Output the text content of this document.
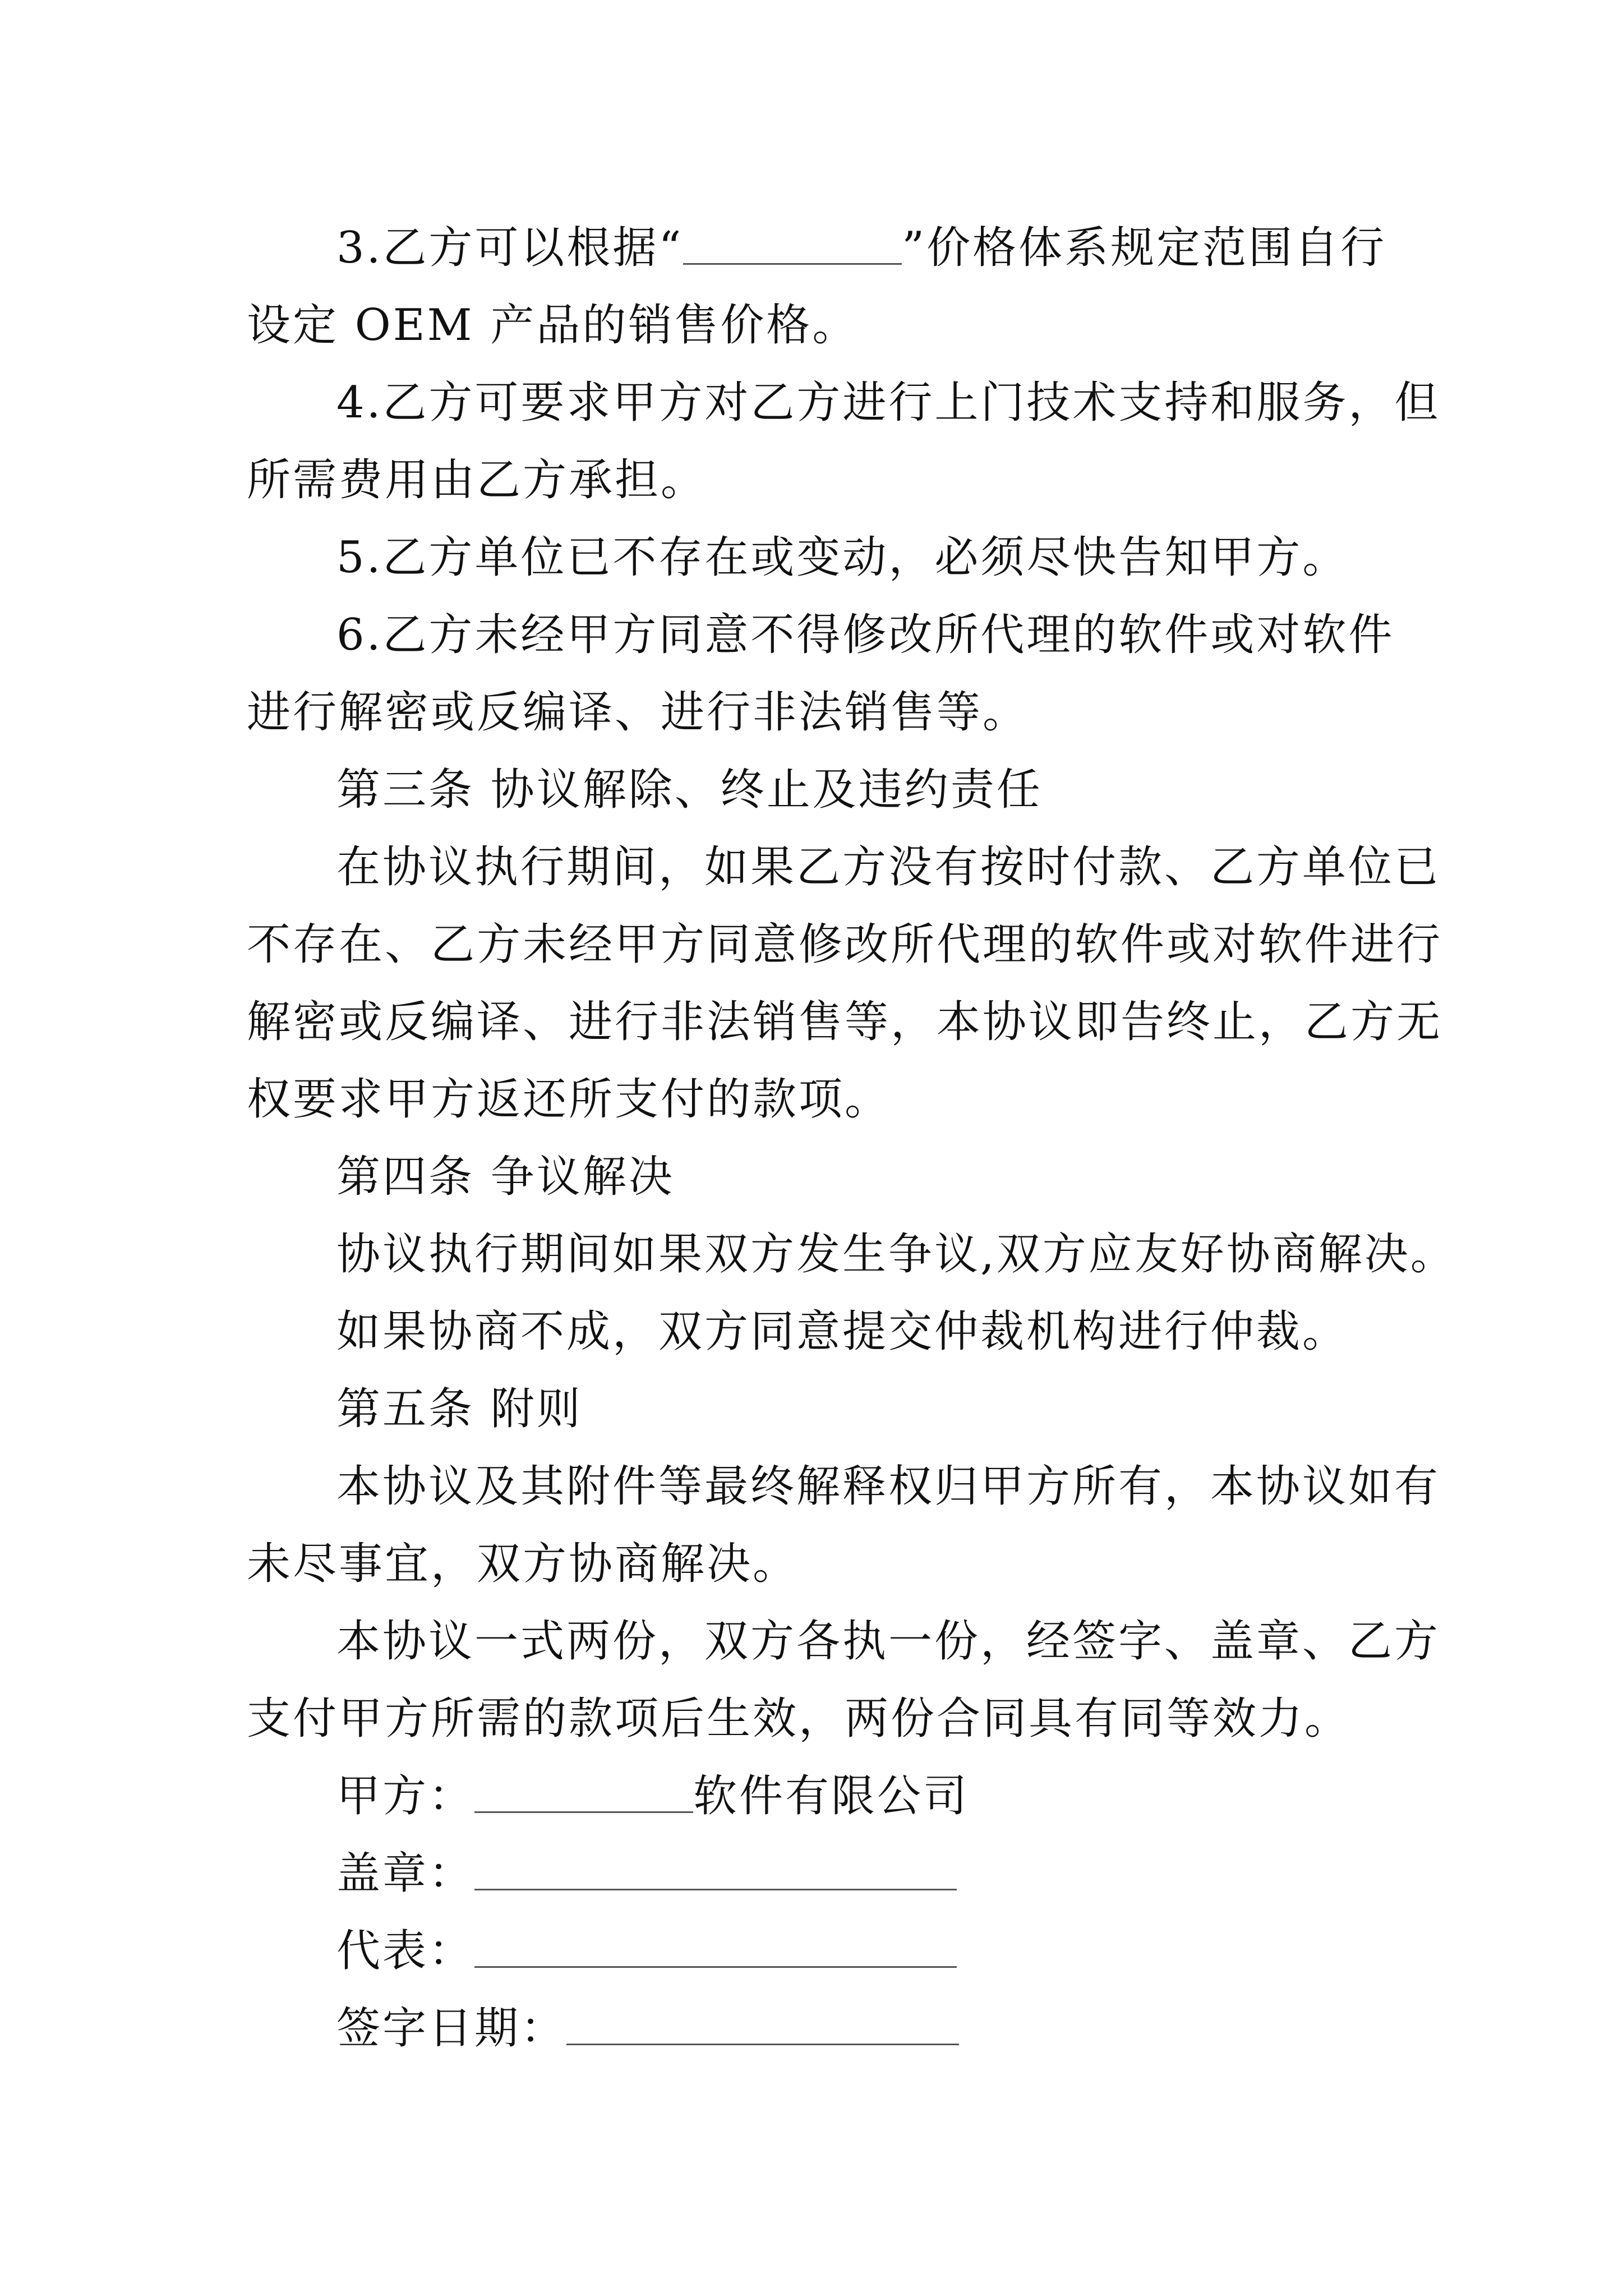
3.乙方可以根据“	”价格体系规定范围自行

设定 OEM 产品的销售价格。

4.乙方可要求甲方对乙方进行上门技术支持和服务，但

所需费用由乙方承担。

5.乙方单位已不存在或变动，必须尽快告知甲方。

6.乙方未经甲方同意不得修改所代理的软件或对软件

进行解密或反编译、进行非法销售等。

第三条 协议解除、终止及违约责任

在协议执行期间，如果乙方没有按时付款、乙方单位已

不存在、乙方未经甲方同意修改所代理的软件或对软件进行

解密或反编译、进行非法销售等，本协议即告终止，乙方无

权要求甲方返还所支付的款项。

第四条 争议解决

协议执行期间如果双方发生争议,双方应友好协商解决。

如果协商不成，双方同意提交仲裁机构进行仲裁。

第五条 附则

本协议及其附件等最终解释权归甲方所有，本协议如有

未尽事宜，双方协商解决。

本协议一式两份，双方各执一份，经签字、盖章、乙方

支付甲方所需的款项后生效，两份合同具有同等效力。

甲方：	软件有限公司

盖章：

代表：

签字日期：
